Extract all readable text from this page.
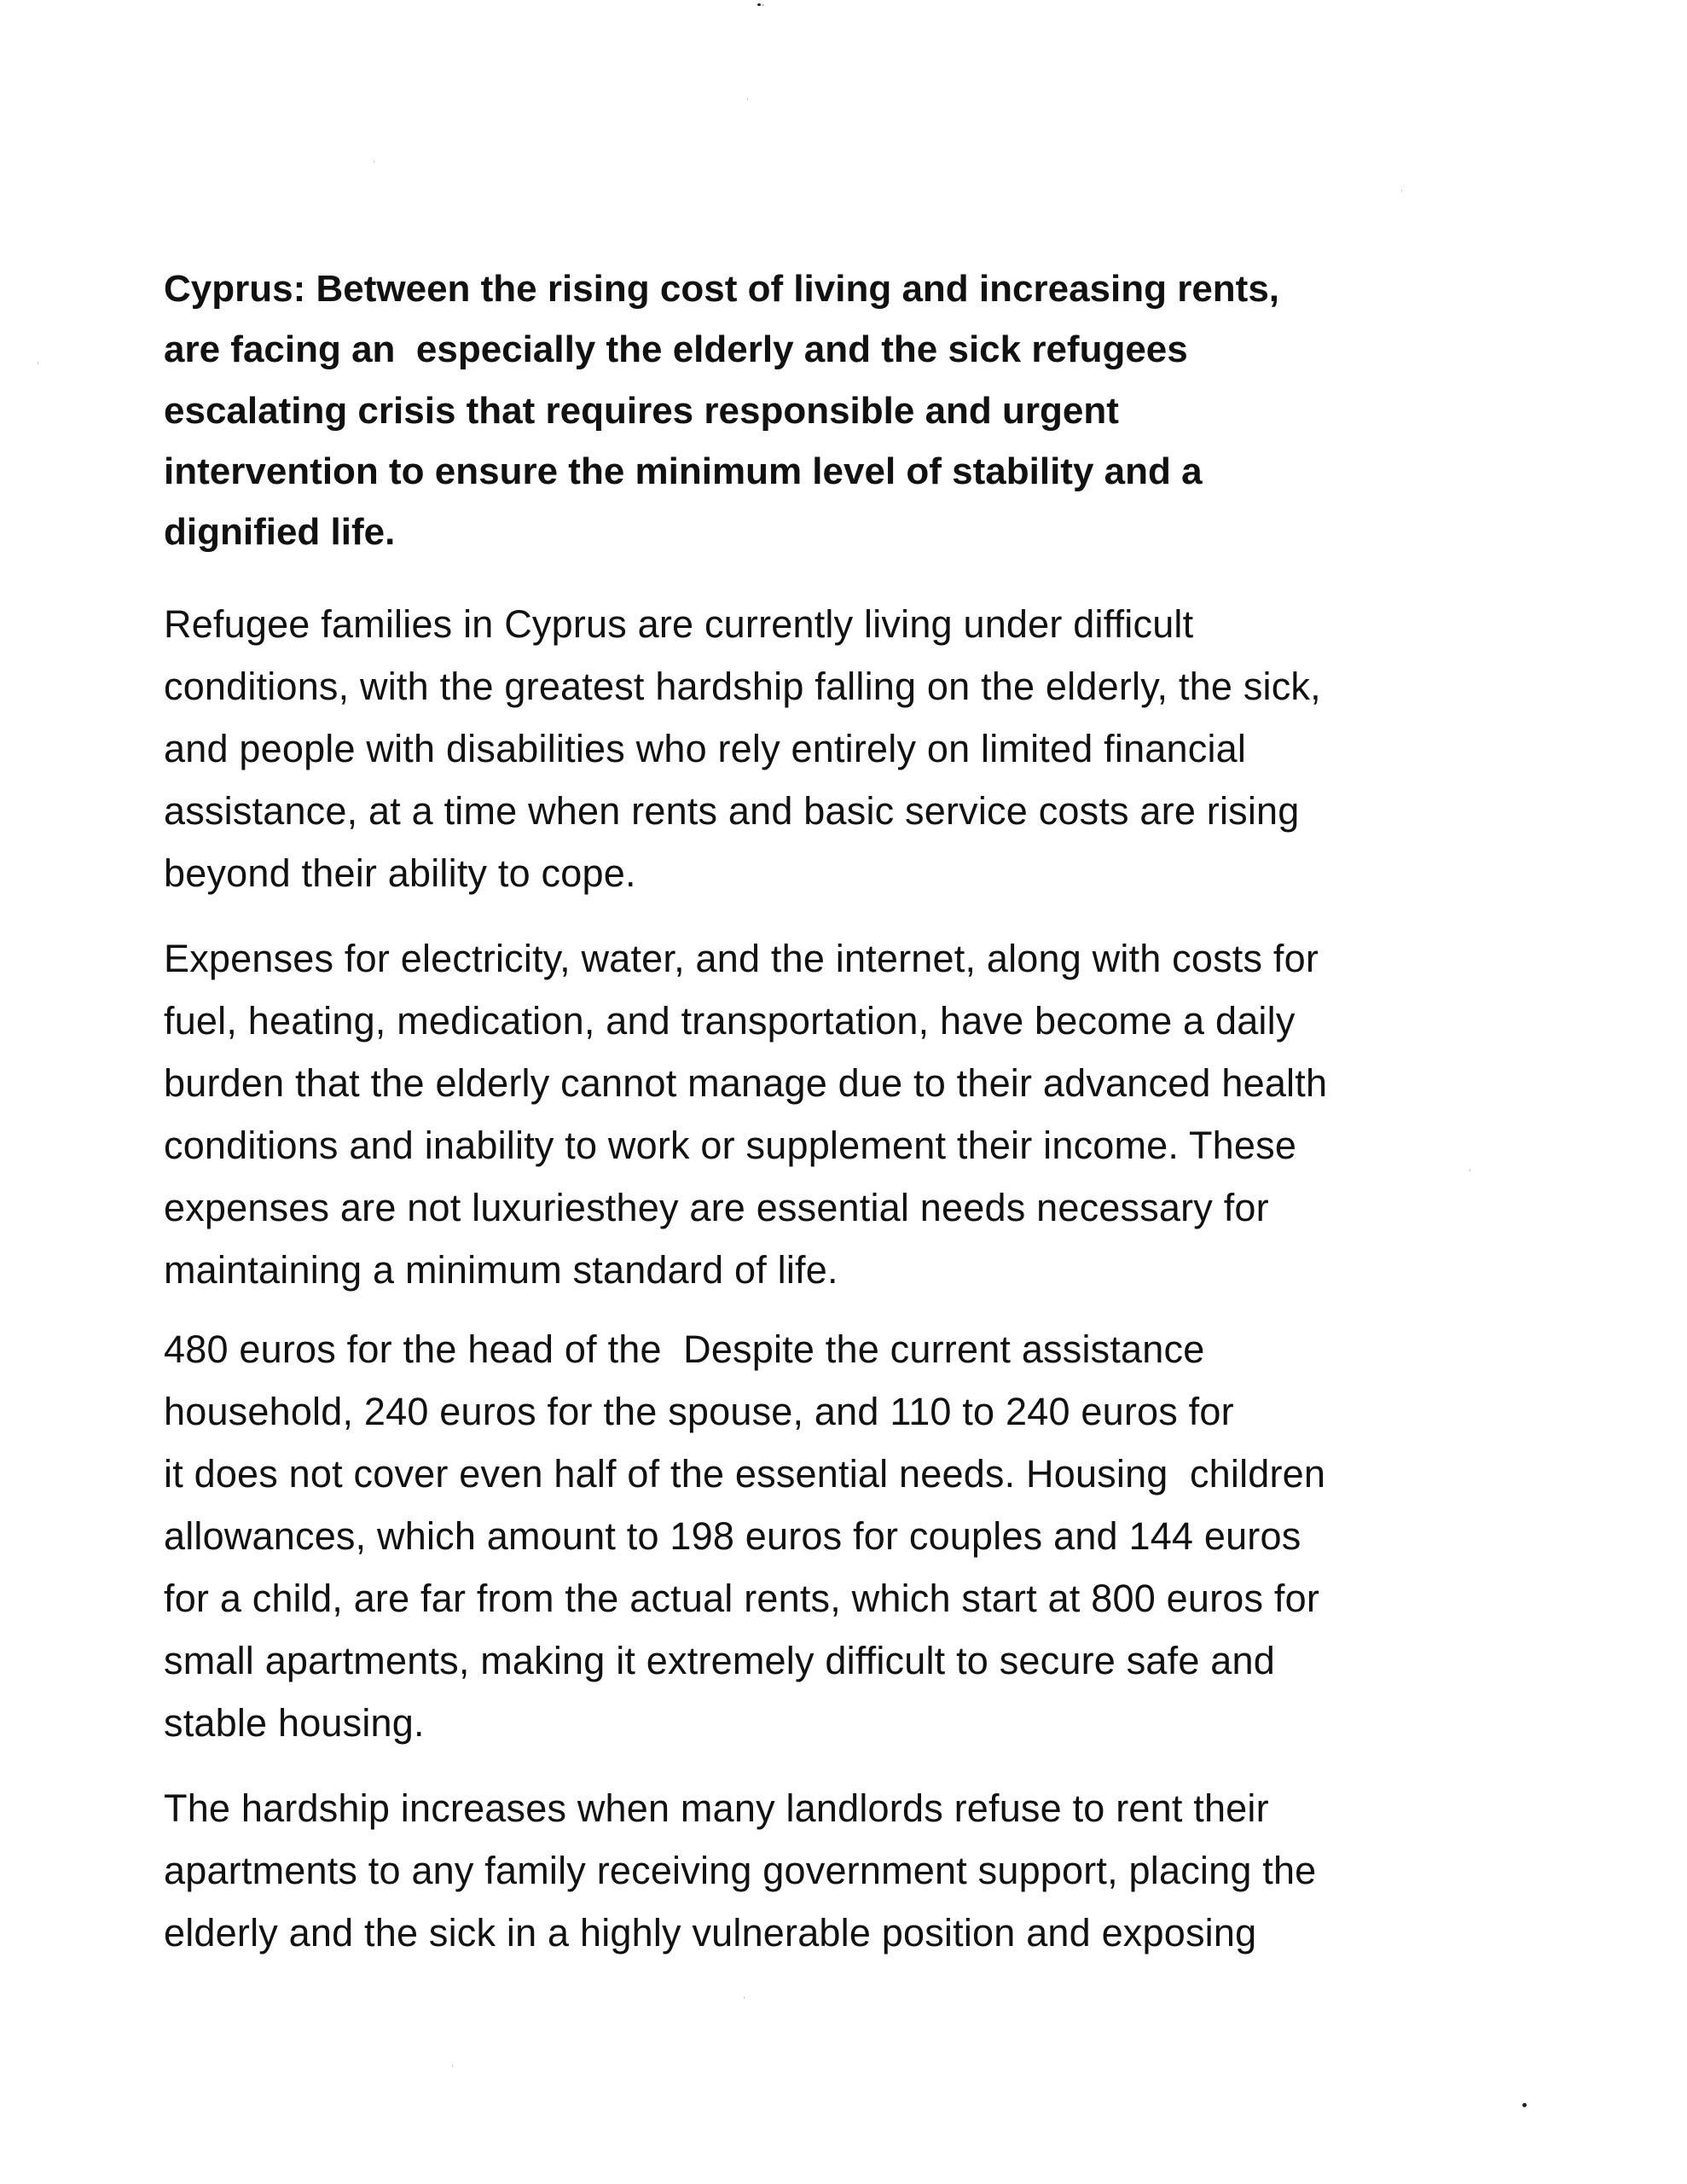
Cyprus: Between the rising cost of living and increasing rents,
are facing an  especially the elderly and the sick refugees
escalating crisis that requires responsible and urgent
intervention to ensure the minimum level of stability and a
dignified life.
Refugee families in Cyprus are currently living under difficult
conditions, with the greatest hardship falling on the elderly, the sick,
and people with disabilities who rely entirely on limited financial
assistance, at a time when rents and basic service costs are rising
beyond their ability to cope.
Expenses for electricity, water, and the internet, along with costs for
fuel, heating, medication, and transportation, have become a daily
burden that the elderly cannot manage due to their advanced health
conditions and inability to work or supplement their income. These
expenses are not luxuriesthey are essential needs necessary for
maintaining a minimum standard of life.
480 euros for the head of the  Despite the current assistance
household, 240 euros for the spouse, and 110 to 240 euros for
it does not cover even half of the essential needs. Housing  children
allowances, which amount to 198 euros for couples and 144 euros
for a child, are far from the actual rents, which start at 800 euros for
small apartments, making it extremely difficult to secure safe and
stable housing.
The hardship increases when many landlords refuse to rent their
apartments to any family receiving government support, placing the
elderly and the sick in a highly vulnerable position and exposing
